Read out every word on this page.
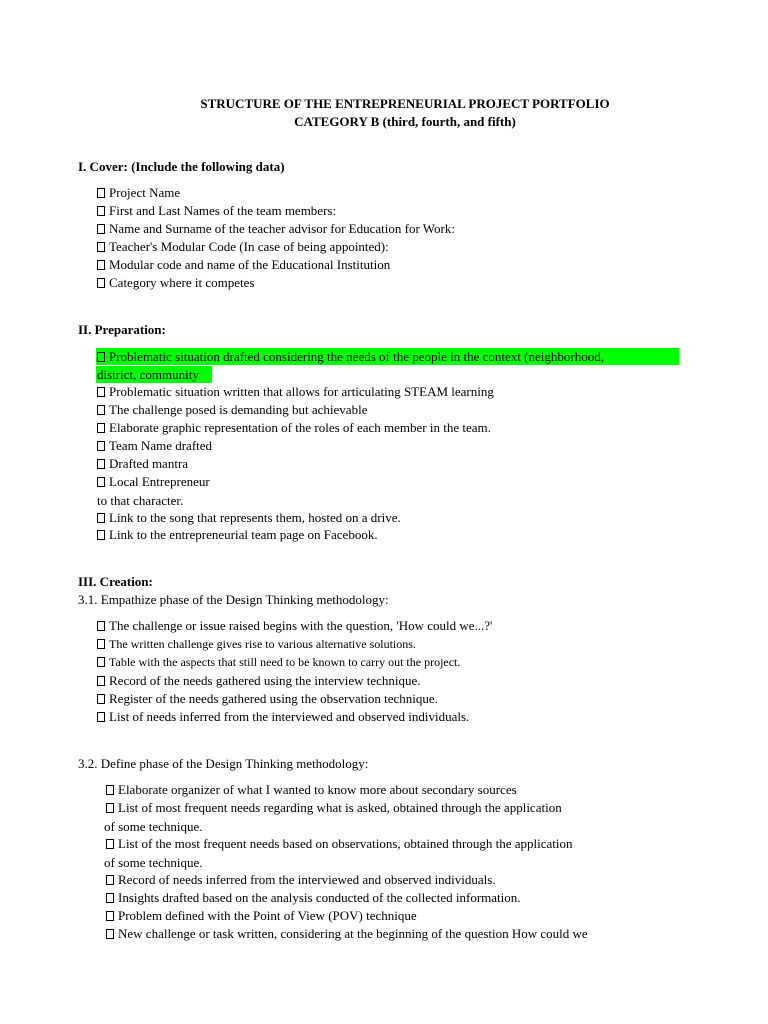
STRUCTURE OF THE ENTREPRENEURIAL PROJECT PORTFOLIO
CATEGORY B (third, fourth, and fifth)
I. Cover: (Include the following data)
Project Name
First and Last Names of the team members:
Name and Surname of the teacher advisor for Education for Work:
Teacher's Modular Code (In case of being appointed):
Modular code and name of the Educational Institution
Category where it competes
II. Preparation:
Problematic situation drafted considering the needs of the people in the context (neighborhood,
district, community
Problematic situation written that allows for articulating STEAM learning
The challenge posed is demanding but achievable
Elaborate graphic representation of the roles of each member in the team.
Team Name drafted
Drafted mantra
Local Entrepreneur
to that character.
Link to the song that represents them, hosted on a drive.
Link to the entrepreneurial team page on Facebook.
III. Creation:
3.1. Empathize phase of the Design Thinking methodology:
The challenge or issue raised begins with the question, 'How could we...?'
The written challenge gives rise to various alternative solutions.
Table with the aspects that still need to be known to carry out the project.
Record of the needs gathered using the interview technique.
Register of the needs gathered using the observation technique.
List of needs inferred from the interviewed and observed individuals.
3.2. Define phase of the Design Thinking methodology:
Elaborate organizer of what I wanted to know more about secondary sources
List of most frequent needs regarding what is asked, obtained through the application
of some technique.
List of the most frequent needs based on observations, obtained through the application
of some technique.
Record of needs inferred from the interviewed and observed individuals.
Insights drafted based on the analysis conducted of the collected information.
Problem defined with the Point of View (POV) technique
New challenge or task written, considering at the beginning of the question How could we
